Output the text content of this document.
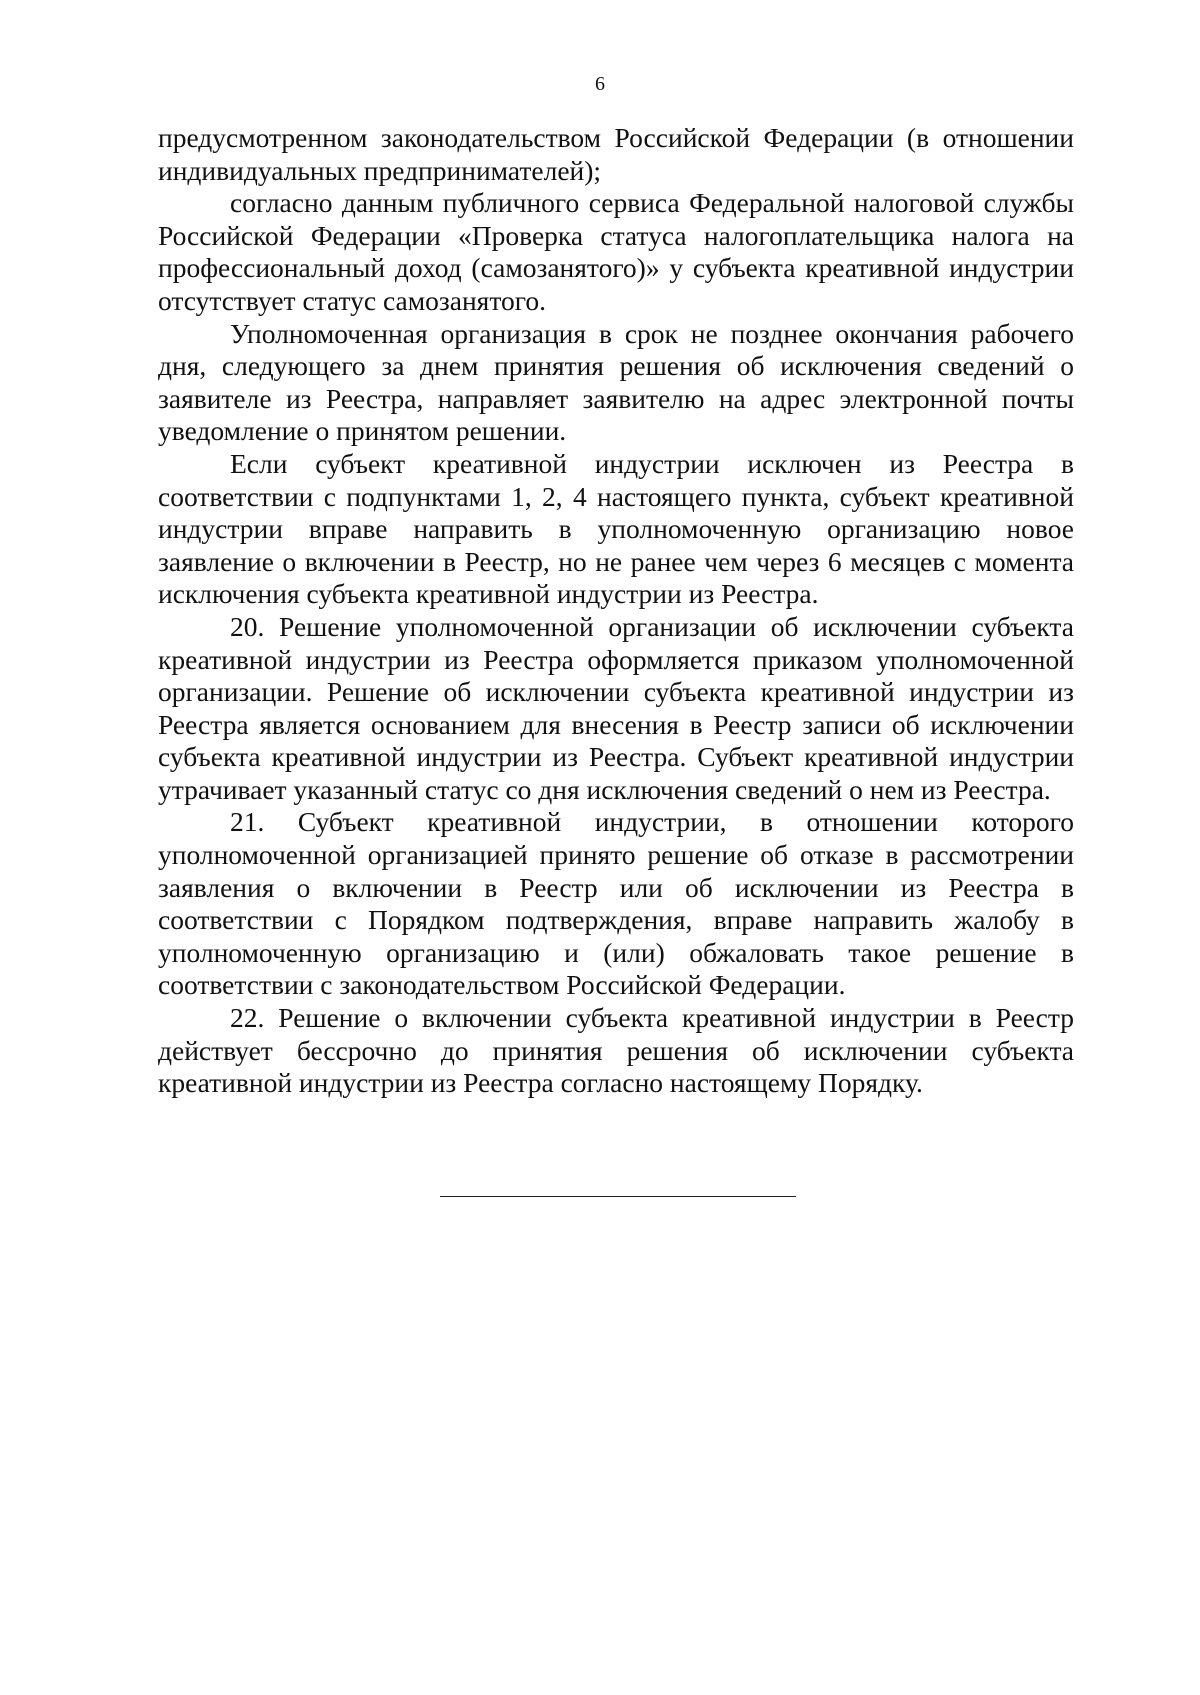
6

предусмотренном законодательством Российской Федерации (в отношении индивидуальных предпринимателей);

согласно данным публичного сервиса Федеральной налоговой службы Российской Федерации «Проверка статуса налогоплательщика налога на профессиональный доход (самозанятого)» у субъекта креативной индустрии отсутствует статус самозанятого.

Уполномоченная организация в срок не позднее окончания рабочего дня, следующего за днем принятия решения об исключения сведений о заявителе из Реестра, направляет заявителю на адрес электронной почты уведомление о принятом решении.

Если субъект креативной индустрии исключен из Реестра в соответствии с подпунктами 1, 2, 4 настоящего пункта, субъект креативной индустрии вправе направить в уполномоченную организацию новое заявление о включении в Реестр, но не ранее чем через 6 месяцев с момента исключения субъекта креативной индустрии из Реестра.

20. Решение уполномоченной организации об исключении субъекта креативной индустрии из Реестра оформляется приказом уполномоченной организации. Решение об исключении субъекта креативной индустрии из Реестра является основанием для внесения в Реестр записи об исключении субъекта креативной индустрии из Реестра. Субъект креативной индустрии утрачивает указанный статус со дня исключения сведений о нем из Реестра.

21. Субъект креативной индустрии, в отношении которого уполномоченной организацией принято решение об отказе в рассмотрении заявления о включении в Реестр или об исключении из Реестра в соответствии с Порядком подтверждения, вправе направить жалобу в уполномоченную организацию и (или) обжаловать такое решение в соответствии с законодательством Российской Федерации.

22. Решение о включении субъекта креативной индустрии в Реестр действует бессрочно до принятия решения об исключении субъекта креативной индустрии из Реестра согласно настоящему Порядку.
